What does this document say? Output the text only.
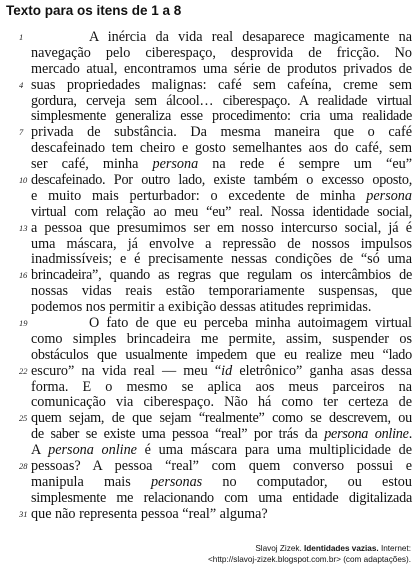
Texto para os itens de 1 a 8
1	A inércia da vida real desaparece magicamente na
navegação pelo ciberespaço, desprovida de fricção. No
mercado atual, encontramos uma série de produtos privados de
4 suas propriedades malignas: café sem cafeína, creme sem
gordura, cerveja sem álcool… ciberespaço. A realidade virtual
simplesmente generaliza esse procedimento: cria uma realidade
7 privada de substância. Da mesma maneira que o café
descafeinado tem cheiro e gosto semelhantes aos do café, sem
ser café, minha persona na rede é sempre um “eu”
10 descafeinado. Por outro lado, existe também o excesso oposto,
e muito mais perturbador: o excedente de minha persona
virtual com relação ao meu “eu” real. Nossa identidade social,
13 a pessoa que presumimos ser em nosso intercurso social, já é
uma máscara, já envolve a repressão de nossos impulsos
inadmissíveis; e é precisamente nessas condições de “só uma
16 brincadeira”, quando as regras que regulam os intercâmbios de
nossas vidas reais estão temporariamente suspensas, que
podemos nos permitir a exibição dessas atitudes reprimidas.
19	O fato de que eu perceba minha autoimagem virtual
como simples brincadeira me permite, assim, suspender os
obstáculos que usualmente impedem que eu realize meu “lado
22 escuro” na vida real — meu “id eletrônico” ganha asas dessa
forma. E o mesmo se aplica aos meus parceiros na
comunicação via ciberespaço. Não há como ter certeza de
25 quem sejam, de que sejam “realmente” como se descrevem, ou
de saber se existe uma pessoa “real” por trás da persona online.
A persona online é uma máscara para uma multiplicidade de
28 pessoas? A pessoa “real” com quem converso possui e
manipula mais personas no computador, ou estou
simplesmente me relacionando com uma entidade digitalizada
31 que não representa pessoa “real” alguma?
Slavoj Zizek. Identidades vazias. Internet:
<http://slavoj-zizek.blogspot.com.br> (com adaptações).
